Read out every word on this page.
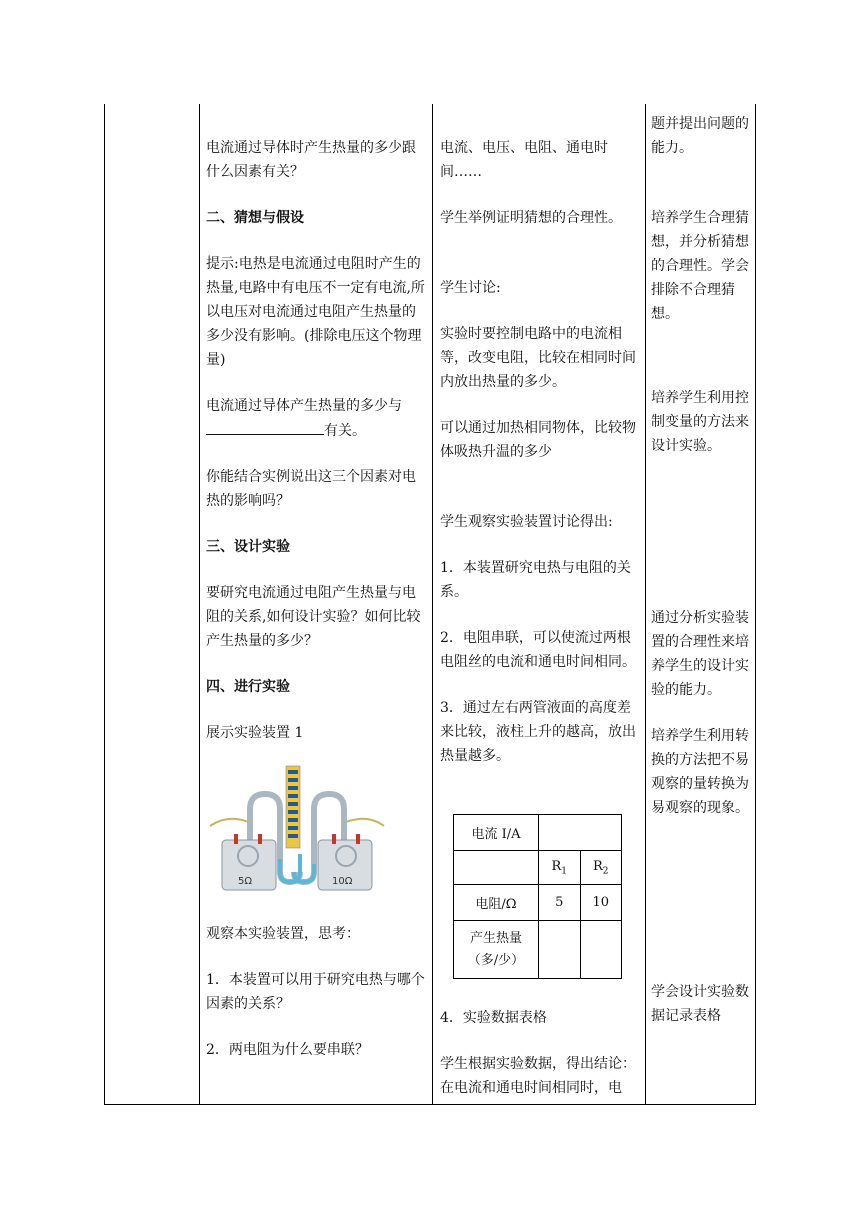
电流通过导体时产生热量的多少跟什么因素有关？

二、猜想与假设

提示:电热是电流通过电阻时产生的热量,电路中有电压不一定有电流,所以电压对电流通过电阻产生热量的多少没有影响。(排除电压这个物理量)

电流通过导体产生热量的多少与
有关。

你能结合实例说出这三个因素对电热的影响吗？

三、设计实验

要研究电流通过电阻产生热量与电阻的关系,如何设计实验？如何比较产生热量的多少？

四、进行实验

展示实验装置 1

5Ω	10Ω

观察本实验装置，思考：

1．本装置可以用于研究电热与哪个因素的关系？

2．两电阻为什么要串联？

电流、电压、电阻、通电时间……

学生举例证明猜想的合理性。

学生讨论:

实验时要控制电路中的电流相等，改变电阻，比较在相同时间内放出热量的多少。

可以通过加热相同物体，比较物体吸热升温的多少

学生观察实验装置讨论得出:

1．本装置研究电热与电阻的关系。

2．电阻串联，可以使流过两根电阻丝的电流和通电时间相同。

3．通过左右两管液面的高度差来比较，液柱上升的越高，放出热量越多。

电流 I/A		
	$R_1$	$R_2$
电阻/Ω	5	10
产生热量（多/少）		

4．实验数据表格

学生根据实验数据，得出结论：在电流和通电时间相同时，电

题并提出问题的能力。

培养学生合理猜想，并分析猜想的合理性。学会排除不合理猜想。

培养学生利用控制变量的方法来设计实验。

通过分析实验装置的合理性来培养学生的设计实验的能力。

培养学生利用转换的方法把不易观察的量转换为易观察的现象。

学会设计实验数据记录表格
